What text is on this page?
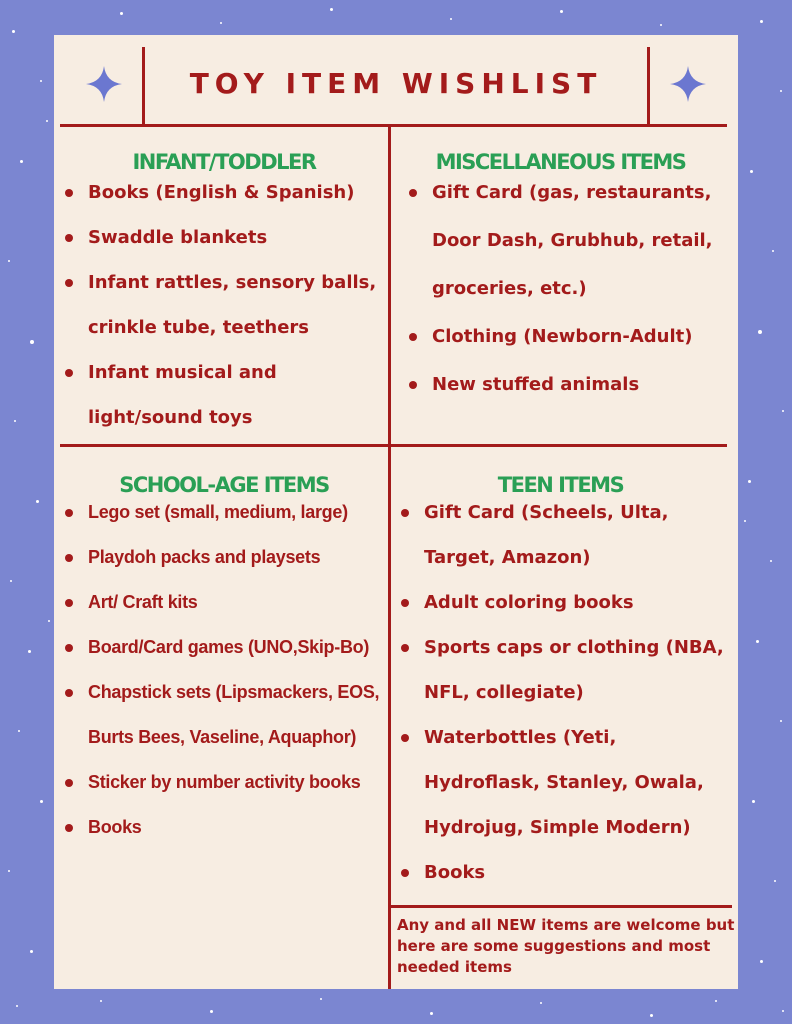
TOY ITEM WISHLIST
INFANT/TODDLER
Books (English & Spanish)
Swaddle blankets
Infant rattles, sensory balls, crinkle tube, teethers
Infant musical and light/sound toys
MISCELLANEOUS ITEMS
Gift Card (gas, restaurants, Door Dash, Grubhub, retail, groceries, etc.)
Clothing (Newborn-Adult)
New stuffed animals
SCHOOL-AGE ITEMS
Lego set (small, medium, large)
Playdoh packs and playsets
Art/ Craft kits
Board/Card games (UNO,Skip-Bo)
Chapstick sets (Lipsmackers, EOS, Burts Bees, Vaseline, Aquaphor)
Sticker by number activity books
Books
TEEN ITEMS
Gift Card (Scheels, Ulta, Target, Amazon)
Adult coloring books
Sports caps or clothing (NBA, NFL, collegiate)
Waterbottles (Yeti, Hydroflask, Stanley, Owala, Hydrojug, Simple Modern)
Books
Any and all NEW items are welcome but here are some suggestions and most needed items
